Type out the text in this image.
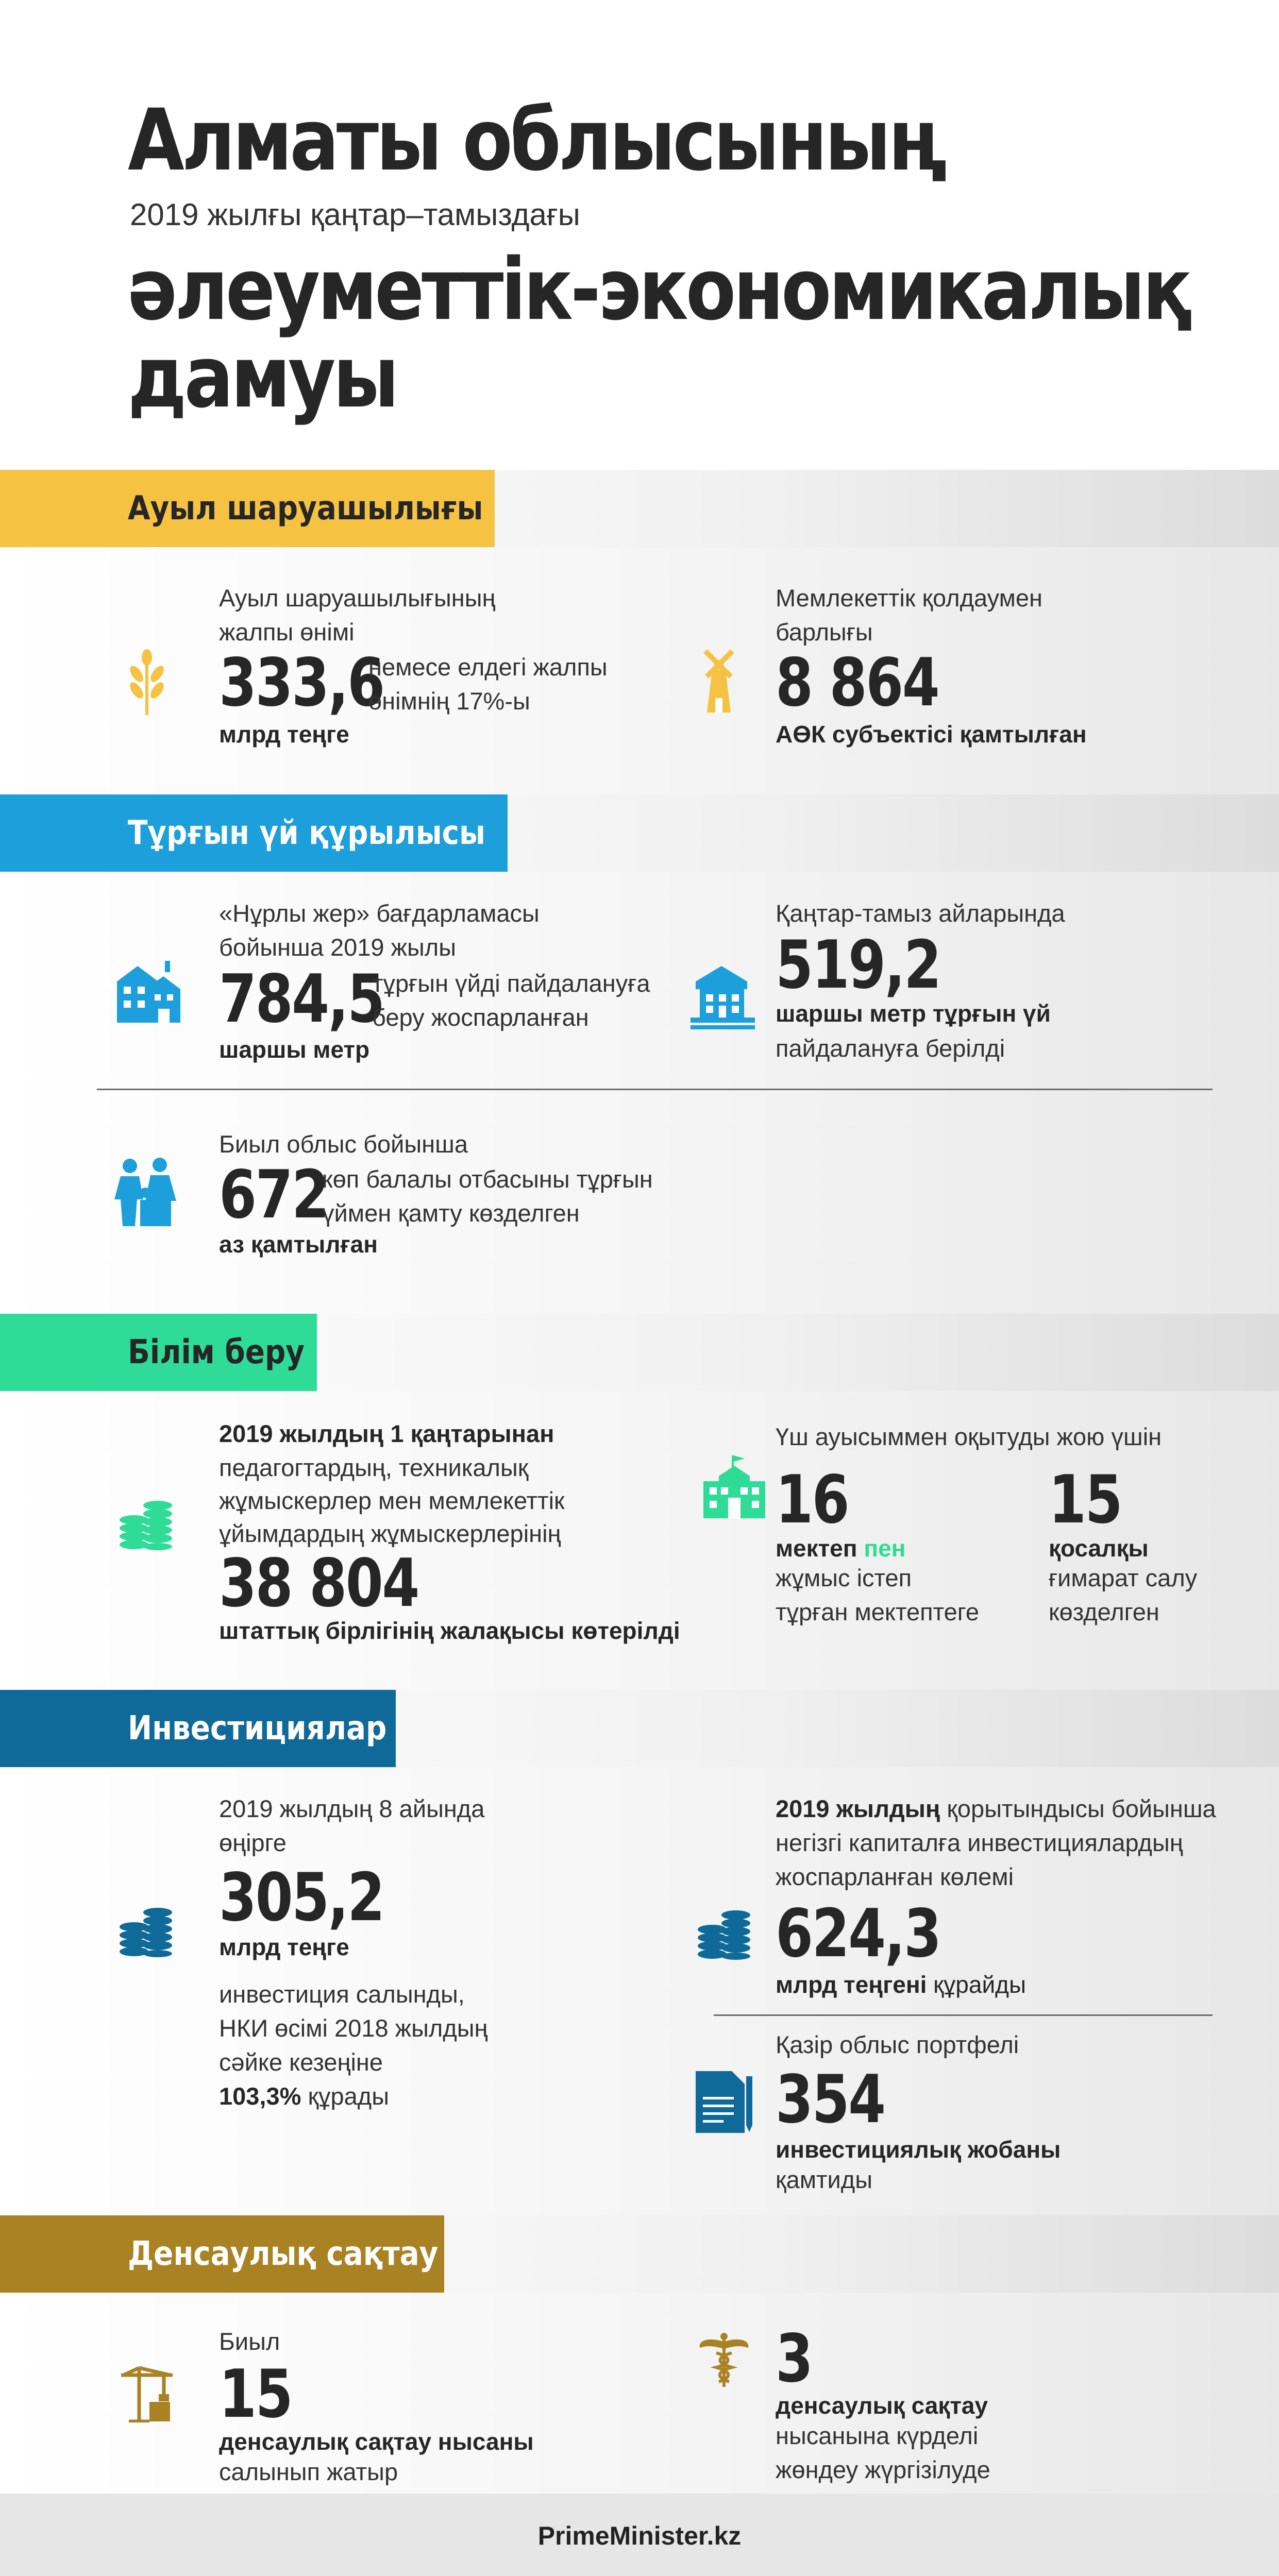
Алматы облысының
2019 жылғы қаңтар–тамыздағы
әлеуметтік-экономикалық
дамуы
Ауыл шаруашылығы
Ауыл шаруашылығының
жалпы өнімі
333,6
немесе елдегі жалпы
өнімнің 17%-ы
млрд теңге
Мемлекеттік қолдаумен
барлығы
8 864
АӨК субъектісі қамтылған
Тұрғын үй құрылысы
«Нұрлы жер» бағдарламасы
бойынша 2019 жылы
784,5
тұрғын үйді пайдалануға
беру жоспарланған
шаршы метр
Қаңтар-тамыз айларында
519,2
шаршы метр тұрғын үй
пайдалануға берілді
Биыл облыс бойынша
672
көп балалы отбасыны тұрғын
үймен қамту көзделген
аз қамтылған
Білім беру
2019 жылдың 1 қаңтарынан
педагогтардың, техникалық
жұмыскерлер мен мемлекеттік
ұйымдардың жұмыскерлерінің
38 804
штаттық бірлігінің жалақысы көтерілді
Үш ауысыммен оқытуды жою үшін
16
мектеп пен
жұмыс істеп
тұрған мектептеге
15
қосалқы
ғимарат салу
көзделген
Инвестициялар
2019 жылдың 8 айында
өңірге
305,2
млрд теңге
инвестиция салынды,
НКИ өсімі 2018 жылдың
сәйке кезеңіне
103,3% құрады
2019 жылдың қорытындысы бойынша
негізгі капиталға инвестициялардың
жоспарланған көлемі
624,3
млрд теңгені құрайды
Қазір облыс портфелі
354
инвестициялық жобаны
қамтиды
Денсаулық сақтау
Биыл
15
денсаулық сақтау нысаны
салынып жатыр
3
денсаулық сақтау
нысанына күрделі
жөндеу жүргізілуде
PrimeMinister.kz
